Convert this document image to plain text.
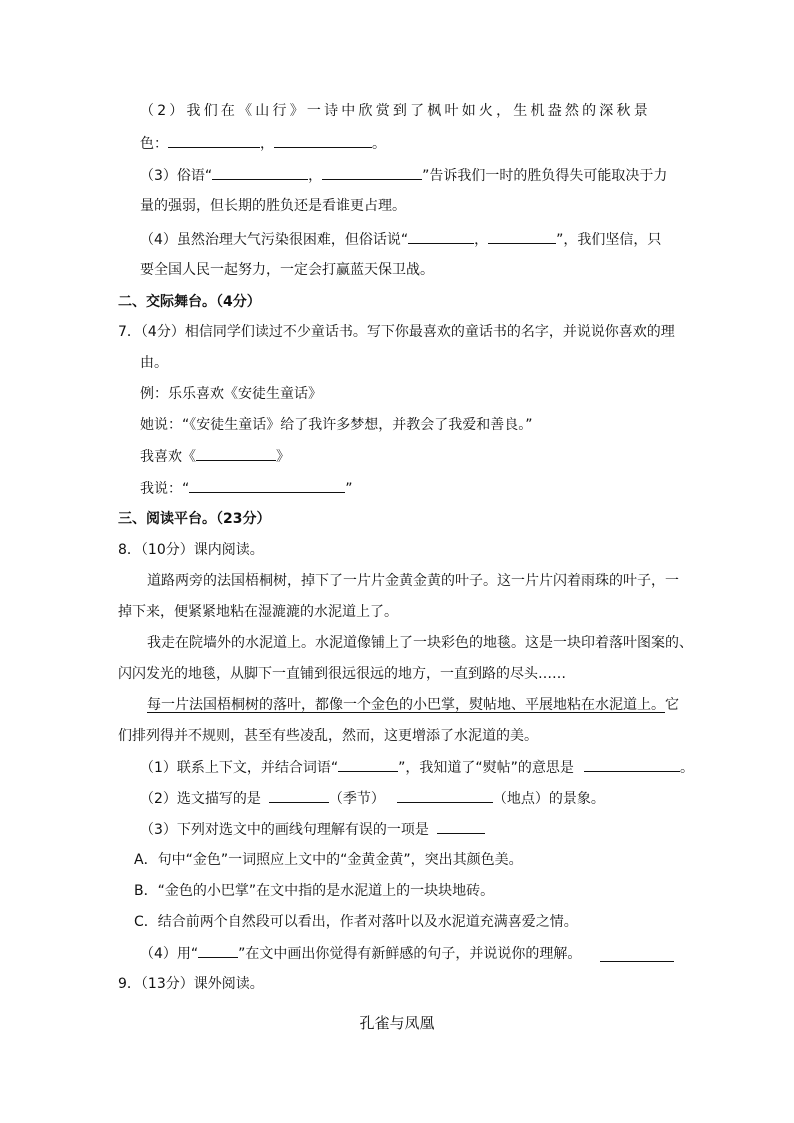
（2）我们在《山行》一诗中欣赏到了枫叶如火，生机盎然的深秋景
色：	，	。
（3）俗语“	，	”告诉我们一时的胜负得失可能取决于力
量的强弱，但长期的胜负还是看谁更占理。
（4）虽然治理大气污染很困难，但俗话说“	，	”，我们坚信，只
要全国人民一起努力，一定会打赢蓝天保卫战。
二、交际舞台。（4分）
7．（4分）相信同学们读过不少童话书。写下你最喜欢的童话书的名字，并说说你喜欢的理
由。
例：乐乐喜欢《安徒生童话》
她说：“《安徒生童话》给了我许多梦想，并教会了我爱和善良。”
我喜欢《	》
我说：“	”
三、阅读平台。（23分）
8．（10分）课内阅读。
道路两旁的法国梧桐树，掉下了一片片金黄金黄的叶子。这一片片闪着雨珠的叶子，一
掉下来，便紧紧地粘在湿漉漉的水泥道上了。
我走在院墙外的水泥道上。水泥道像铺上了一块彩色的地毯。这是一块印着落叶图案的、
闪闪发光的地毯，从脚下一直铺到很远很远的地方，一直到路的尽头……
每一片法国梧桐树的落叶，都像一个金色的小巴掌，熨帖地、平展地粘在水泥道上。它
们排列得并不规则，甚至有些凌乱，然而，这更增添了水泥道的美。
（1）联系上下文，并结合词语“	”，我知道了“熨帖”的意思是	。
（2）选文描写的是	（季节）	（地点）的景象。
（3）下列对选文中的画线句理解有误的一项是
A．句中“金色”一词照应上文中的“金黄金黄”，突出其颜色美。
B．“金色的小巴掌”在文中指的是水泥道上的一块块地砖。
C．结合前两个自然段可以看出，作者对落叶以及水泥道充满喜爱之情。
（4）用“	”在文中画出你觉得有新鲜感的句子，并说说你的理解。
9．（13分）课外阅读。
孔雀与凤凰
